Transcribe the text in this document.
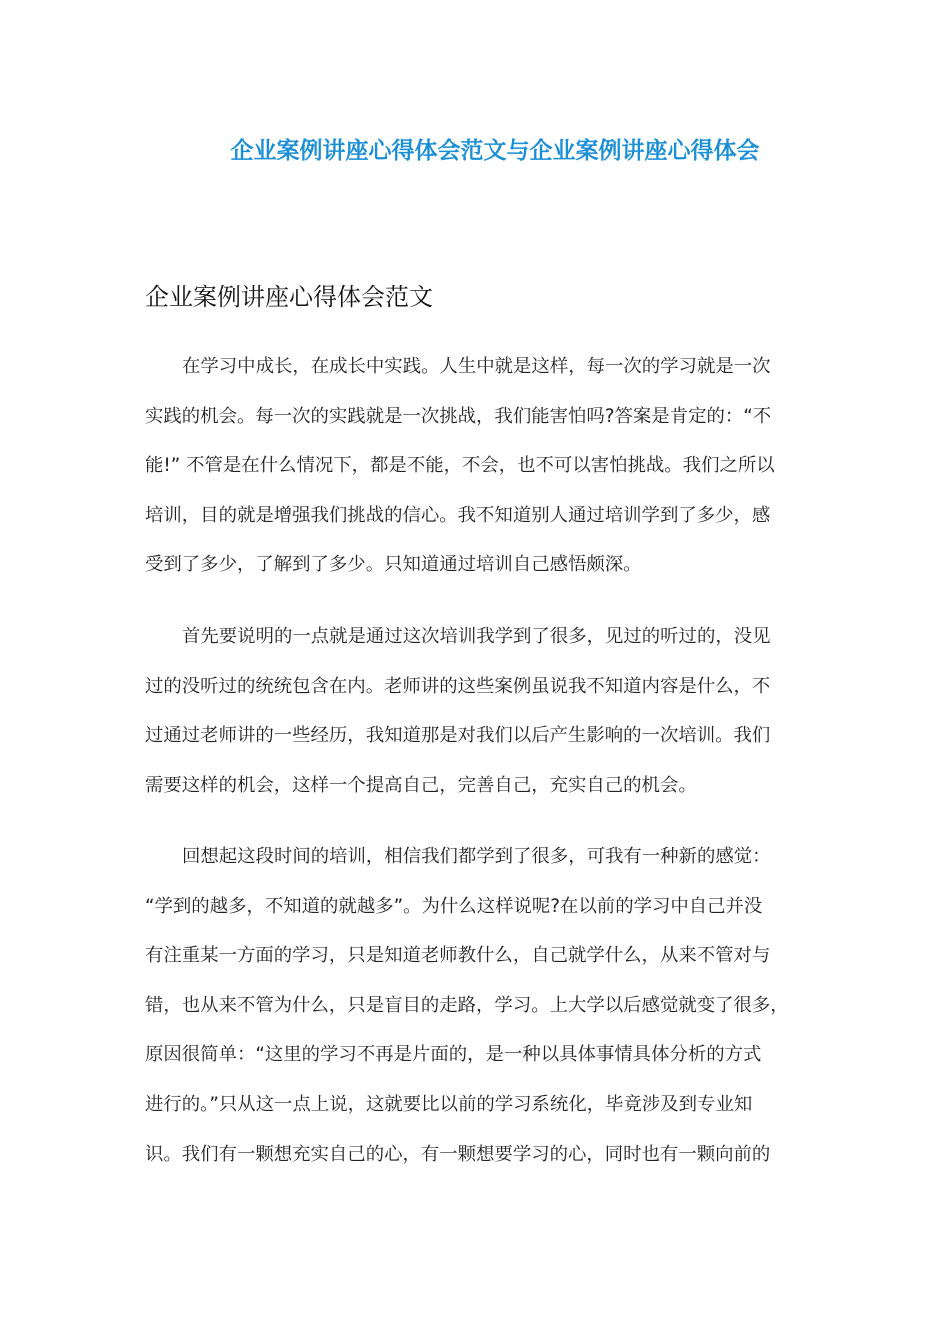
企业案例讲座心得体会范文与企业案例讲座心得体会
企业案例讲座心得体会范文
在学习中成长，在成长中实践。人生中就是这样，每一次的学习就是一次
实践的机会。每一次的实践就是一次挑战，我们能害怕吗?答案是肯定的：“不
能!” 不管是在什么情况下，都是不能，不会，也不可以害怕挑战。我们之所以
培训，目的就是增强我们挑战的信心。我不知道别人通过培训学到了多少，感
受到了多少，了解到了多少。只知道通过培训自己感悟颇深。
首先要说明的一点就是通过这次培训我学到了很多，见过的听过的，没见
过的没听过的统统包含在内。老师讲的这些案例虽说我不知道内容是什么，不
过通过老师讲的一些经历，我知道那是对我们以后产生影响的一次培训。我们
需要这样的机会，这样一个提高自己，完善自己，充实自己的机会。
回想起这段时间的培训，相信我们都学到了很多，可我有一种新的感觉：
“学到的越多，不知道的就越多”。为什么这样说呢?在以前的学习中自己并没
有注重某一方面的学习，只是知道老师教什么，自己就学什么，从来不管对与
错，也从来不管为什么，只是盲目的走路，学习。上大学以后感觉就变了很多，
原因很简单：“这里的学习不再是片面的，是一种以具体事情具体分析的方式
进行的。”只从这一点上说，这就要比以前的学习系统化，毕竟涉及到专业知
识。我们有一颗想充实自己的心，有一颗想要学习的心，同时也有一颗向前的
